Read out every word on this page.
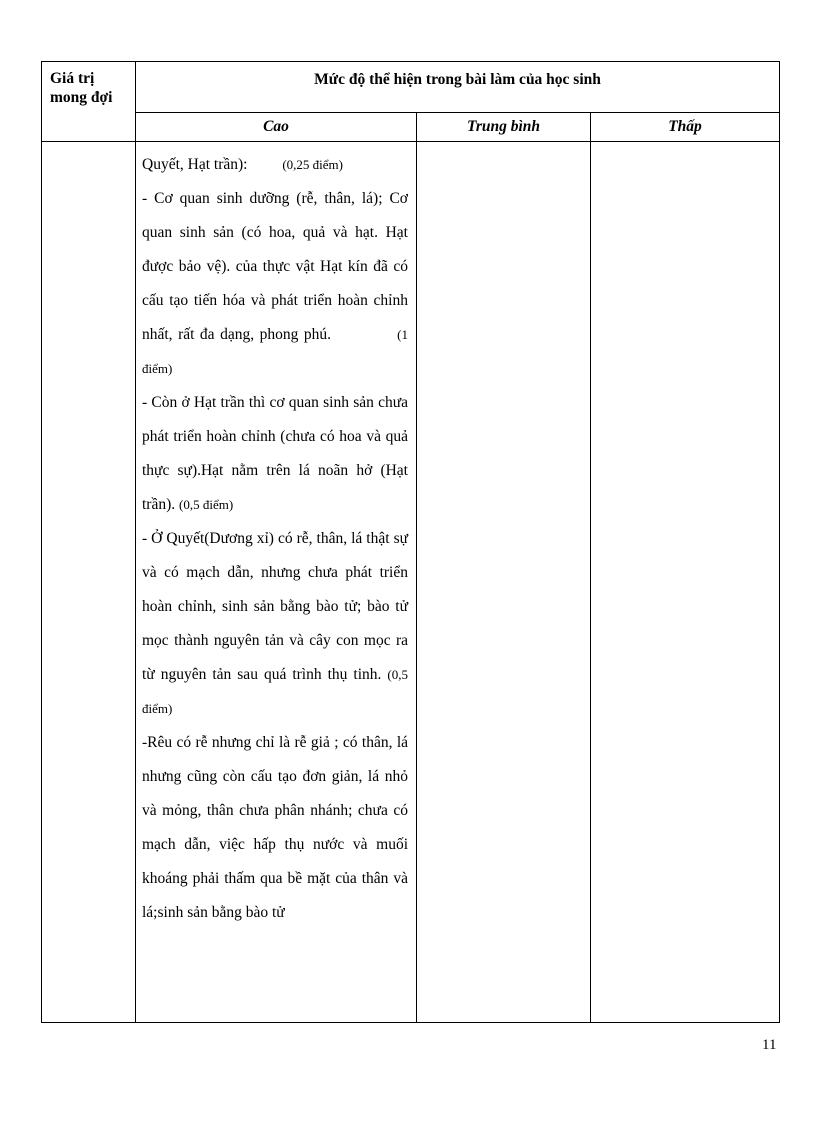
Giá trị mong đợi	Mức độ thể hiện trong bài làm của học sinh		

	Cao	Trung bình	Thấp

	Quyết, Hạt trần): (0,25 điểm)

- Cơ quan sinh dưỡng (rễ, thân, lá); Cơ quan sinh sản (có hoa, quả và hạt. Hạt được bảo vệ). của thực vật Hạt kín đã có cấu tạo tiến hóa và phát triển hoàn chỉnh nhất, rất đa dạng, phong phú. (1 điểm)

- Còn ở Hạt trần thì cơ quan sinh sản chưa phát triển hoàn chỉnh (chưa có hoa và quả thực sự).Hạt nằm trên lá noãn hở (Hạt trần). (0,5 điểm)

- Ở Quyết(Dương xỉ) có rễ, thân, lá thật sự và có mạch dẫn, nhưng chưa phát triển hoàn chỉnh, sinh sản bằng bào tử; bào tử mọc thành nguyên tản và cây con mọc ra từ nguyên tản sau quá trình thụ tinh. (0,5 điểm)

-Rêu có rễ nhưng chỉ là rễ giả ; có thân, lá nhưng cũng còn cấu tạo đơn giản, lá nhỏ và mỏng, thân chưa phân nhánh; chưa có mạch dẫn, việc hấp thụ nước và muối khoáng phải thấm qua bề mặt của thân và lá;sinh sản bằng bào tử		

11
